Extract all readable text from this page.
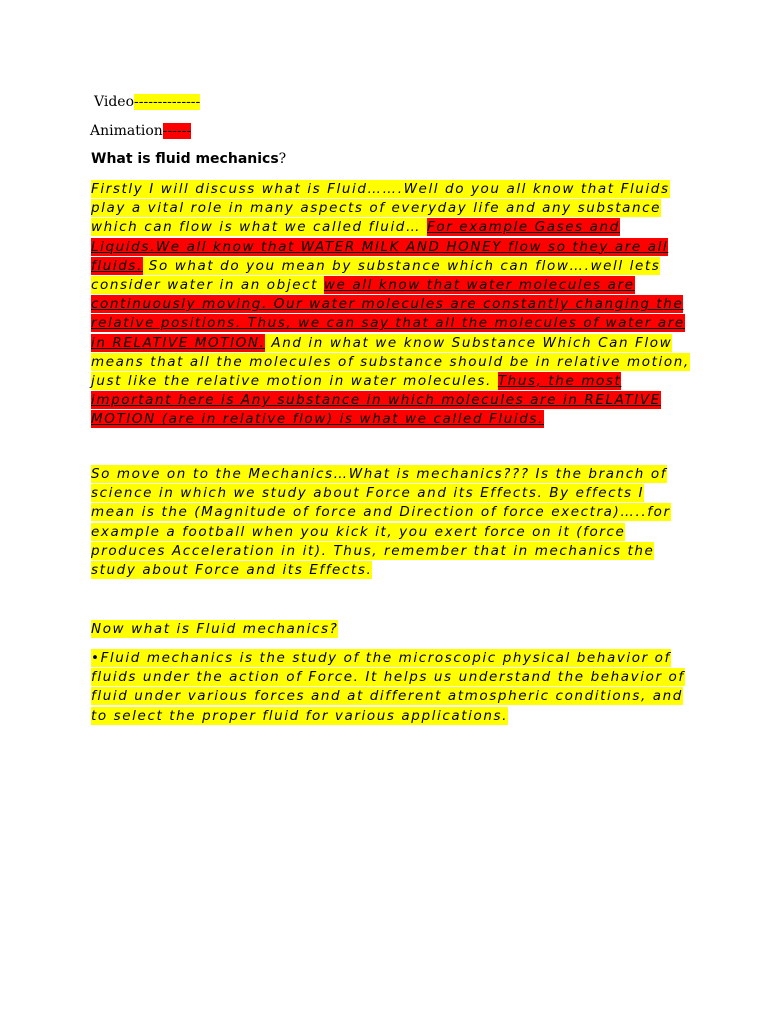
Video--------------
Animation------
What is fluid mechanics?

Firstly I will discuss what is Fluid…….Well do you all know that Fluids play a vital role in many aspects of everyday life and any substance which can flow is what we called fluid… For example Gases and Liquids.We all know that WATER MILK AND HONEY flow so they are all fluids. So what do you mean by substance which can flow….well lets consider water in an object we all know that water molecules are continuously moving. Our water molecules are constantly changing the relative positions. Thus, we can say that all the molecules of water are in RELATIVE MOTION. And in what we know Substance Which Can Flow means that all the molecules of substance should be in relative motion, just like the relative motion in water molecules. Thus, the most important here is Any substance in which molecules are in RELATIVE MOTION (are in relative flow) is what we called Fluids.

So move on to the Mechanics…What is mechanics??? Is the branch of science in which we study about Force and its Effects. By effects I mean is the (Magnitude of force and Direction of force exectra)…..for example a football when you kick it, you exert force on it (force produces Acceleration in it). Thus, remember that in mechanics the study about Force and its Effects.

Now what is Fluid mechanics?

•Fluid mechanics is the study of the microscopic physical behavior of fluids under the action of Force. It helps us understand the behavior of fluid under various forces and at different atmospheric conditions, and to select the proper fluid for various applications.
